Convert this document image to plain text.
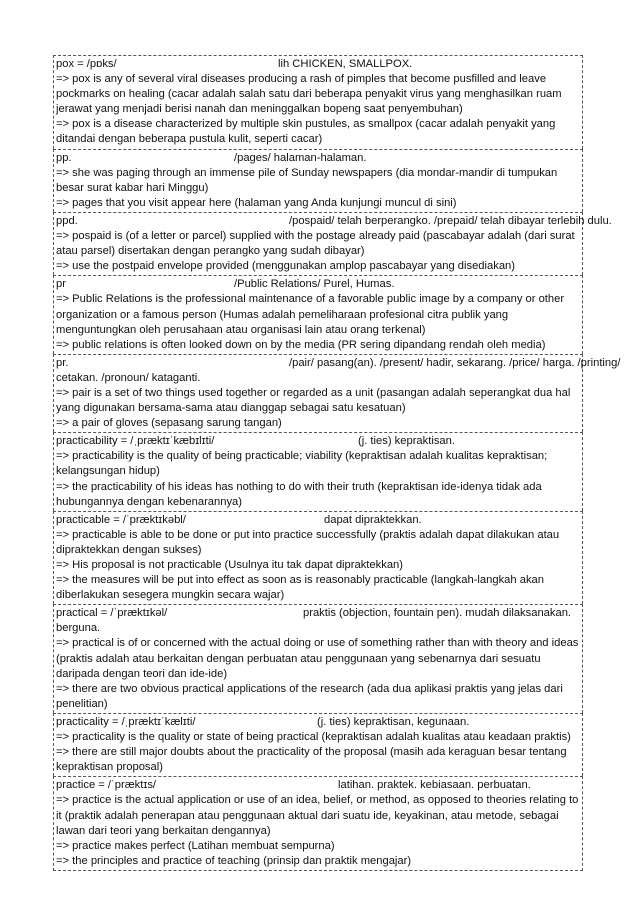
pox = /pɒks/	lih CHICKEN, SMALLPOX.
=> pox is any of several viral diseases producing a rash of pimples that become pusfilled and leave pockmarks on healing (cacar adalah salah satu dari beberapa penyakit virus yang menghasilkan ruam jerawat yang menjadi berisi nanah dan meninggalkan bopeng saat penyembuhan)
=> pox is a disease characterized by multiple skin pustules, as smallpox (cacar adalah penyakit yang ditandai dengan beberapa pustula kulit, seperti cacar)
pp.	/pages/ halaman-halaman.
=> she was paging through an immense pile of Sunday newspapers (dia mondar-mandir di tumpukan besar surat kabar hari Minggu)
=> pages that you visit appear here (halaman yang Anda kunjungi muncul di sini)
ppd.	/pospaid/ telah berperangko. /prepaid/ telah dibayar terlebih dulu.
=> pospaid is (of a letter or parcel) supplied with the postage already paid (pascabayar adalah (dari surat atau parsel) disertakan dengan perangko yang sudah dibayar)
=> use the postpaid envelope provided (menggunakan amplop pascabayar yang disediakan)
pr	/Public Relations/ Purel, Humas.
=> Public Relations is the professional maintenance of a favorable public image by a company or other organization or a famous person (Humas adalah pemeliharaan profesional citra publik yang menguntungkan oleh perusahaan atau organisasi lain atau orang terkenal)
=> public relations is often looked down on by the media (PR sering dipandang rendah oleh media)
pr.	/pair/ pasang(an). /present/ hadir, sekarang. /price/ harga. /printing/
cetakan. /pronoun/ kataganti.
=> pair is a set of two things used together or regarded as a unit (pasangan adalah seperangkat dua hal yang digunakan bersama-sama atau dianggap sebagai satu kesatuan)
=> a pair of gloves (sepasang sarung tangan)
practicability = /ˌpræktɪˈkæbɪlɪti/	(j. ties) kepraktisan.
=> practicability is the quality of being practicable; viability (kepraktisan adalah kualitas kepraktisan; kelangsungan hidup)
=> the practicability of his ideas has nothing to do with their truth (kepraktisan ide-idenya tidak ada hubungannya dengan kebenarannya)
practicable = /ˈpræktɪkəbl/	dapat dipraktekkan.
=> practicable is able to be done or put into practice successfully (praktis adalah dapat dilakukan atau dipraktekkan dengan sukses)
=> His proposal is not practicable (Usulnya itu tak dapat dipraktekkan)
=> the measures will be put into effect as soon as is reasonably practicable (langkah-langkah akan diberlakukan sesegera mungkin secara wajar)
practical = /ˈpræktɪkəl/	praktis (objection, fountain pen). mudah dilaksanakan.
berguna.
=> practical is of or concerned with the actual doing or use of something rather than with theory and ideas (praktis adalah atau berkaitan dengan perbuatan atau penggunaan yang sebenarnya dari sesuatu daripada dengan teori dan ide-ide)
=> there are two obvious practical applications of the research (ada dua aplikasi praktis yang jelas dari penelitian)
practicality = /ˌpræktɪˈkælɪti/	(j. ties) kepraktisan, kegunaan.
=> practicality is the quality or state of being practical (kepraktisan adalah kualitas atau keadaan praktis)
=> there are still major doubts about the practicality of the proposal (masih ada keraguan besar tentang kepraktisan proposal)
practice = /ˈpræktɪs/	latihan. praktek. kebiasaan. perbuatan.
=> practice is the actual application or use of an idea, belief, or method, as opposed to theories relating to it (praktik adalah penerapan atau penggunaan aktual dari suatu ide, keyakinan, atau metode, sebagai lawan dari teori yang berkaitan dengannya)
=> practice makes perfect (Latihan membuat sempurna)
=> the principles and practice of teaching (prinsip dan praktik mengajar)
